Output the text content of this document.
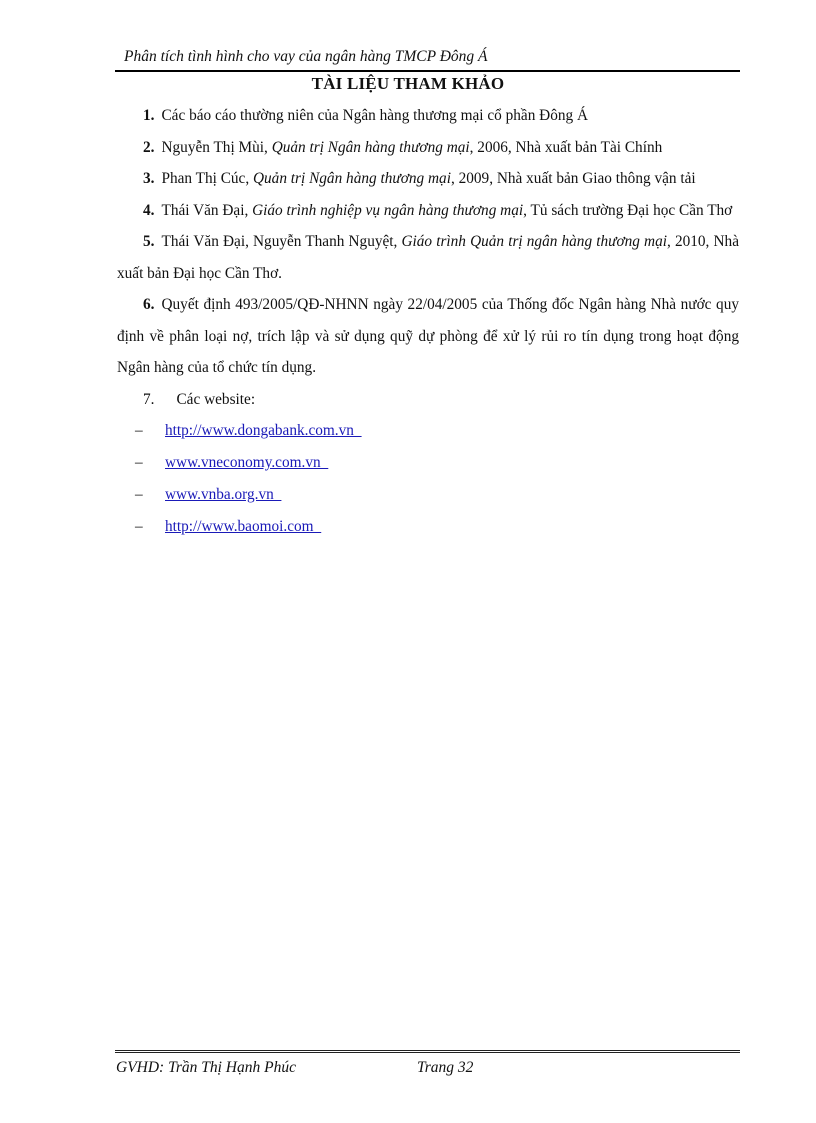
Phân tích tình hình cho vay của ngân hàng TMCP Đông Á
TÀI LIỆU THAM KHẢO

1. Các báo cáo thường niên của Ngân hàng thương mại cổ phần Đông Á

2. Nguyễn Thị Mùi, Quản trị Ngân hàng thương mại, 2006, Nhà xuất bản Tài Chính

3. Phan Thị Cúc, Quản trị Ngân hàng thương mại, 2009, Nhà xuất bản Giao thông vận tải

4. Thái Văn Đại, Giáo trình nghiệp vụ ngân hàng thương mại, Tủ sách trường Đại học Cần Thơ

5. Thái Văn Đại, Nguyễn Thanh Nguyệt, Giáo trình Quản trị ngân hàng thương mại, 2010, Nhà xuất bản Đại học Cần Thơ.

6. Quyết định 493/2005/QĐ-NHNN ngày 22/04/2005 của Thống đốc Ngân hàng Nhà nước quy định về phân loại nợ, trích lập và sử dụng quỹ dự phòng để xử lý rủi ro tín dụng trong hoạt động Ngân hàng của tổ chức tín dụng.

7. Các website:

– http://www.dongabank.com.vn
– www.vneconomy.com.vn
– www.vnba.org.vn
– http://www.baomoi.com
GVHD: Trần Thị Hạnh Phúc	Trang 32
